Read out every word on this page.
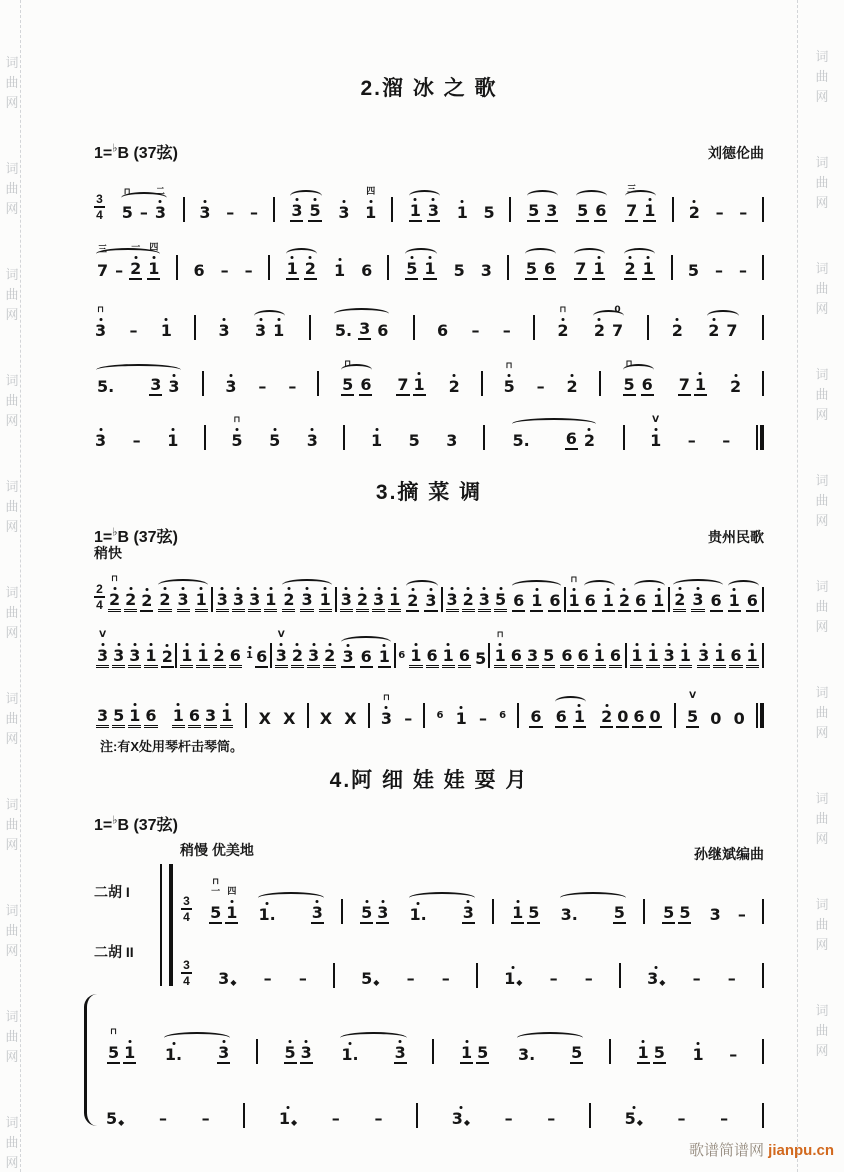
词
曲
网
词
曲
网
词
曲
网
词
曲
网
词
曲
网
词
曲
网
词
曲
网
词
曲
网
词
曲
网
词
曲
网
词
曲
网
词
曲
网
词
曲
网
词
曲
网
词
曲
网
词
曲
网
词
曲
网
词
曲
网
词
曲
网
词
曲
网
词
曲
网
2.溜 冰 之 歌
1=♭B (37弦)	刘德伦曲
3
4
⊓
5 –
二
3 3 – – 3 5 3
四
1 1 3 1 5 5 3 5 6
三
7 1 2 – –
三
7 –
一
2
四
1 6 – – 1 2 1 6 5 1 5 3 5 6 7 1 2 1 5 – –
⊓
3 – 1	3 3 1	5. 3 6	6 – –
⊓
2 2
0
7	2 2 7
5. 3 3	3 – –
⊓
5 6 7 1 2
⊓
5 – 2
⊓
5 6 7 1 2
3 – 1
⊓
5 5 3	1 5 3	5. 6 2
V
1 – –
3.摘 菜 调
1=♭B (37弦)	贵州民歌
稍快
2
4
⊓
2 2 2 2 3 1 3 3 3 1 2 3 1 3 2 3 1 2 3 3 2 3 5 6 1 6
⊓
1 6 1 2 6 1 2 3 6 1 6
V
3 3 3 1 2 1 1 2 6 1 6
V
3 2 3 2 3 6 1 6 1 6 1 6 5
⊓
1 6 3 5 6 6 1 6 1 1 3 1 3 1 6 1
3 5 1 6 1 6 3 1 X X X X
⊓
3 – 6 1 – 6 6 6 1 2 0 6 0
V
5 0 0
注:有X处用琴杆击琴筒。
4.阿 细 娃 娃 耍 月
1=♭B (37弦)
稍慢 优美地	孙继斌编曲
二胡 I
二胡 II
3
4
⊓
一
5
四
1 1. 3 5 3 1. 3 1 5 3. 5 5 5 3 –
3
4 3◆ – –	5◆ – –	1◆ – –	3◆ – –
⊓
5 1 1. 3	5 3 1. 3	1 5 3. 5	1 5 1 –
5◆ – –	1◆ – –	3◆ – –	5◆ – –
歌谱简谱网 jianpu.cn
